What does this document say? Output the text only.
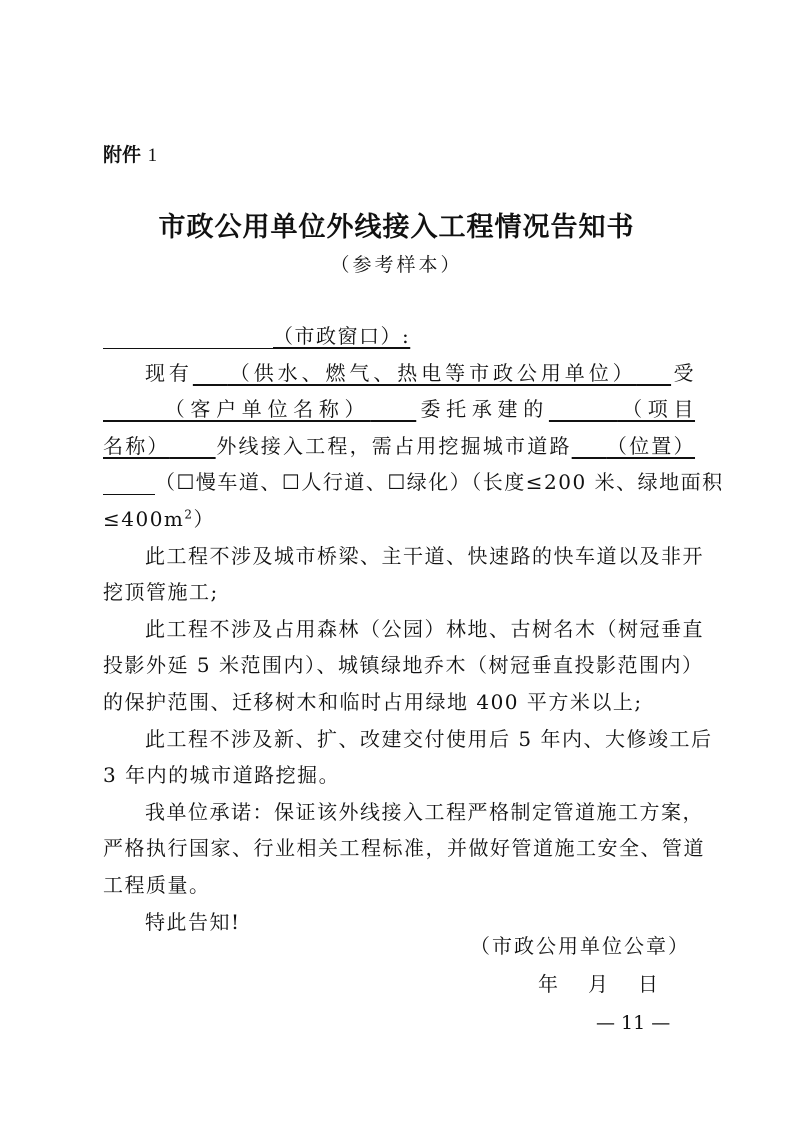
附件 1
市政公用单位外线接入工程情况告知书
（参考样本）

（市政窗口）:

现有    （供水、燃气、热电等市政公用单位）    受
     （客户单位名称）     委托承建的      	（项目
名称）     外线接入工程，需占用挖掘城市道路    （位置）
（☐慢车道、☐人行道、☐绿化）（长度≤200 米、绿地面积
$\le 400m^2$）

此工程不涉及城市桥梁、主干道、快速路的快车道以及非开
挖顶管施工;

此工程不涉及占用森林（公园）林地、古树名木（树冠垂直
投影外延 5 米范围内）、城镇绿地乔木（树冠垂直投影范围内）
的保护范围、迁移树木和临时占用绿地 400 平方米以上;

此工程不涉及新、扩、改建交付使用后 5 年内、大修竣工后
3 年内的城市道路挖掘。

我单位承诺：保证该外线接入工程严格制定管道施工方案，
严格执行国家、行业相关工程标准，并做好管道施工安全、管道
工程质量。

特此告知!

（市政公用单位公章）
年 月 日
— 11 —
